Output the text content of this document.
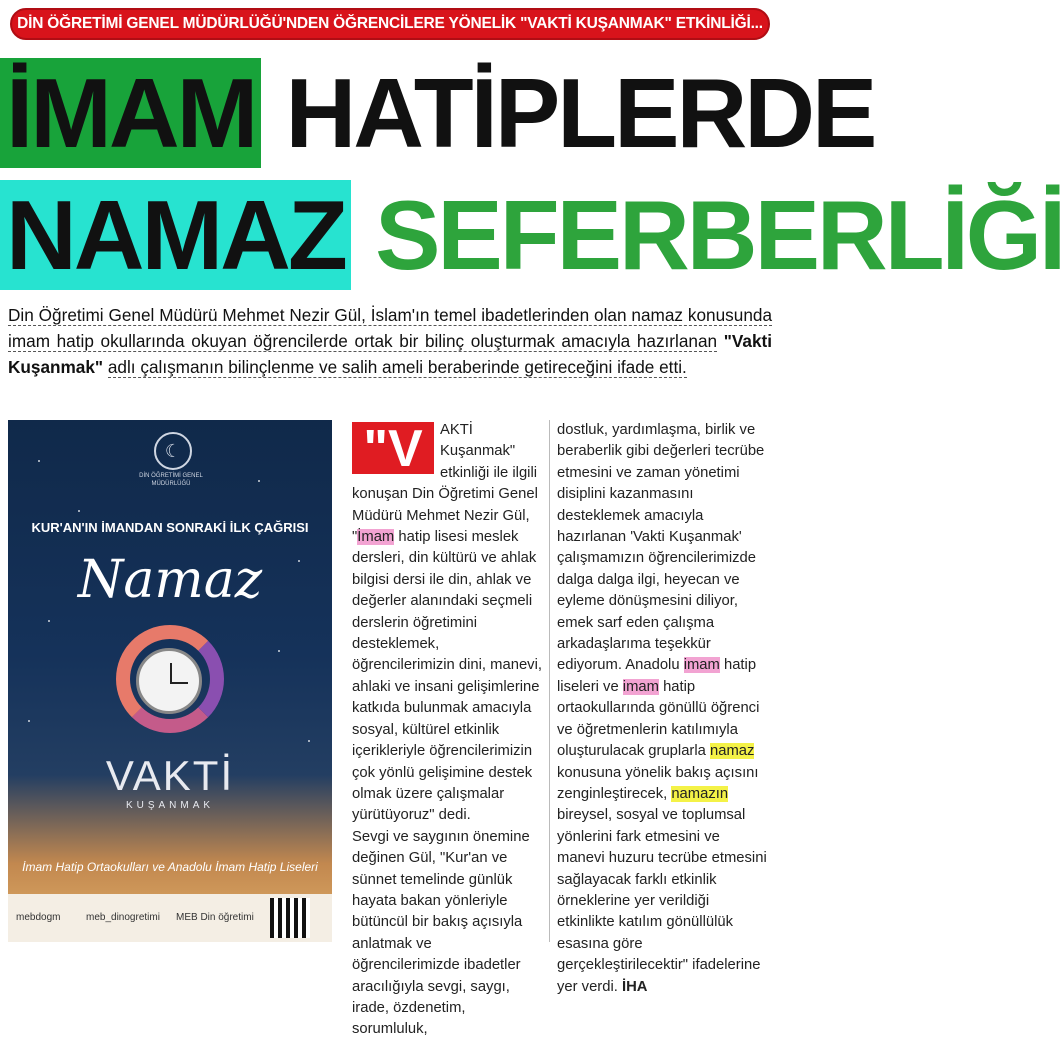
DİN ÖĞRETİMİ GENEL MÜDÜRLÜĞÜ'NDEN ÖĞRENCİLERE YÖNELİK "VAKTİ KUŞANMAK" ETKİNLİĞİ...
İMAM HATİPLERDE
NAMAZ SEFERBERLİĞİ
Din Öğretimi Genel Müdürü Mehmet Nezir Gül, İslam'ın temel ibadetlerinden olan namaz konusunda imam hatip okullarında okuyan öğrencilerde ortak bir bilinç oluşturmak amacıyla hazırlanan "Vakti Kuşanmak" adlı çalışmanın bilinçlenme ve salih ameli beraberinde getireceğini ifade etti.
☾
DİN ÖĞRETİMİ GENEL MÜDÜRLÜĞÜ
KUR'AN'IN İMANDAN SONRAKİ İLK ÇAĞRISI
Namaz
VAKTİ
KUŞANMAK
İmam Hatip Ortaokulları ve Anadolu İmam Hatip Liseleri
mebdogm	meb_dinogretimi MEB Din öğretimi

"V	AKTİ Kuşanmak" etkinliği ile ilgili konuşan Din Öğretimi Genel Müdürü Mehmet Nezir Gül, "İmam hatip lisesi meslek dersleri, din kültürü ve ahlak bilgisi dersi ile din, ahlak ve değerler alanındaki seçmeli derslerin öğretimini desteklemek, öğrencilerimizin dini, manevi, ahlaki ve insani gelişimlerine katkıda bulunmak amacıyla sosyal, kültürel etkinlik içerikleriyle öğrencilerimizin çok yönlü gelişimine destek olmak üzere çalışmalar yürütüyoruz" dedi.

Sevgi ve saygının önemine değinen Gül, "Kur'an ve sünnet temelinde günlük hayata bakan yönleriyle bütüncül bir bakış açısıyla anlatmak ve öğrencilerimizde ibadetler aracılığıyla sevgi, saygı, irade, özdenetim, sorumluluk,

dostluk, yardımlaşma, birlik ve beraberlik gibi değerleri tecrübe etmesini ve zaman yönetimi disiplini kazanmasını desteklemek amacıyla hazırlanan 'Vakti Kuşanmak' çalışmamızın öğrencilerimizde dalga dalga ilgi, heyecan ve eyleme dönüşmesini diliyor, emek sarf eden çalışma arkadaşlarıma teşekkür ediyorum. Anadolu imam hatip liseleri ve imam hatip ortaokullarında gönüllü öğrenci ve öğretmenlerin katılımıyla oluşturulacak gruplarla namaz konusuna yönelik bakış açısını zenginleştirecek, namazın bireysel, sosyal ve toplumsal yönlerini fark etmesini ve manevi huzuru tecrübe etmesini sağlayacak farklı etkinlik örneklerine yer verildiği etkinlikte katılım gönüllülük esasına göre gerçekleştirilecektir" ifadelerine yer verdi. İHA
